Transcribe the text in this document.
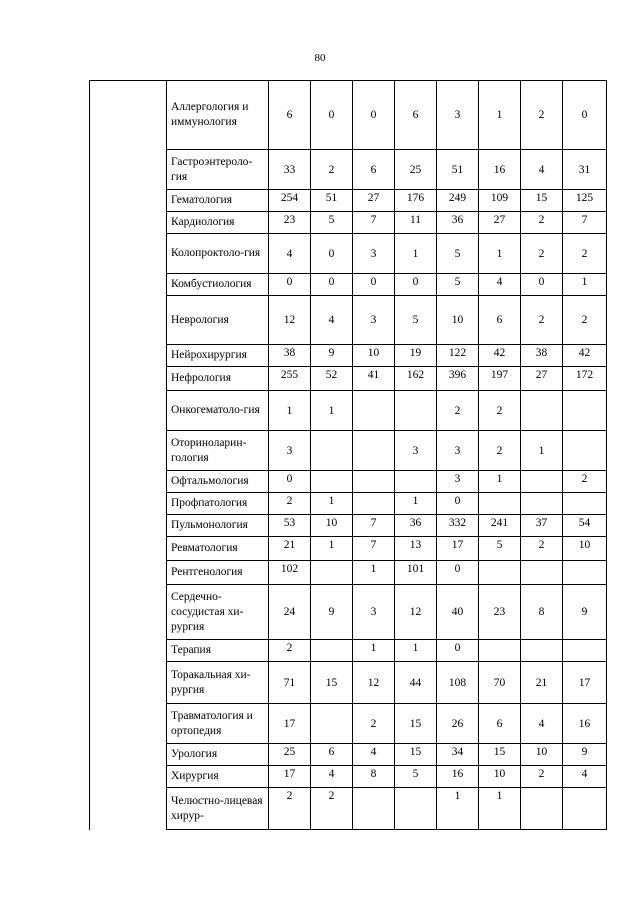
80
	Аллергология и иммунология	6	0	0	6	3	1	2	0
	Гастроэнтероло-гия	33	2	6	25	51	16	4	31
	Гематология	254	51	27	176	249	109	15	125
	Кардиология	23	5	7	11	36	27	2	7
	Колопроктоло-гия	4	0	3	1	5	1	2	2
	Комбустиология	0	0	0	0	5	4	0	1
	Неврология	12	4	3	5	10	6	2	2
	Нейрохирургия	38	9	10	19	122	42	38	42
	Нефрология	255	52	41	162	396	197	27	172
	Онкогематоло-гия	1	1			2	2		
	Оториноларин-гология	3			3	3	2	1	
	Офтальмология	0				3	1		2
	Профпатология	2	1		1	0			
	Пульмонология	53	10	7	36	332	241	37	54
	Ревматология	21	1	7	13	17	5	2	10
	Рентгенология	102		1	101	0			
	Сердечно-сосудистая хи-рургия	24	9	3	12	40	23	8	9
	Терапия	2		1	1	0			
	Торакальная хи-рургия	71	15	12	44	108	70	21	17
	Травматология и ортопедия	17		2	15	26	6	4	16
	Урология	25	6	4	15	34	15	10	9
	Хирургия	17	4	8	5	16	10	2	4
	Челюстно-лицевая хирур-	2	2			1	1		
